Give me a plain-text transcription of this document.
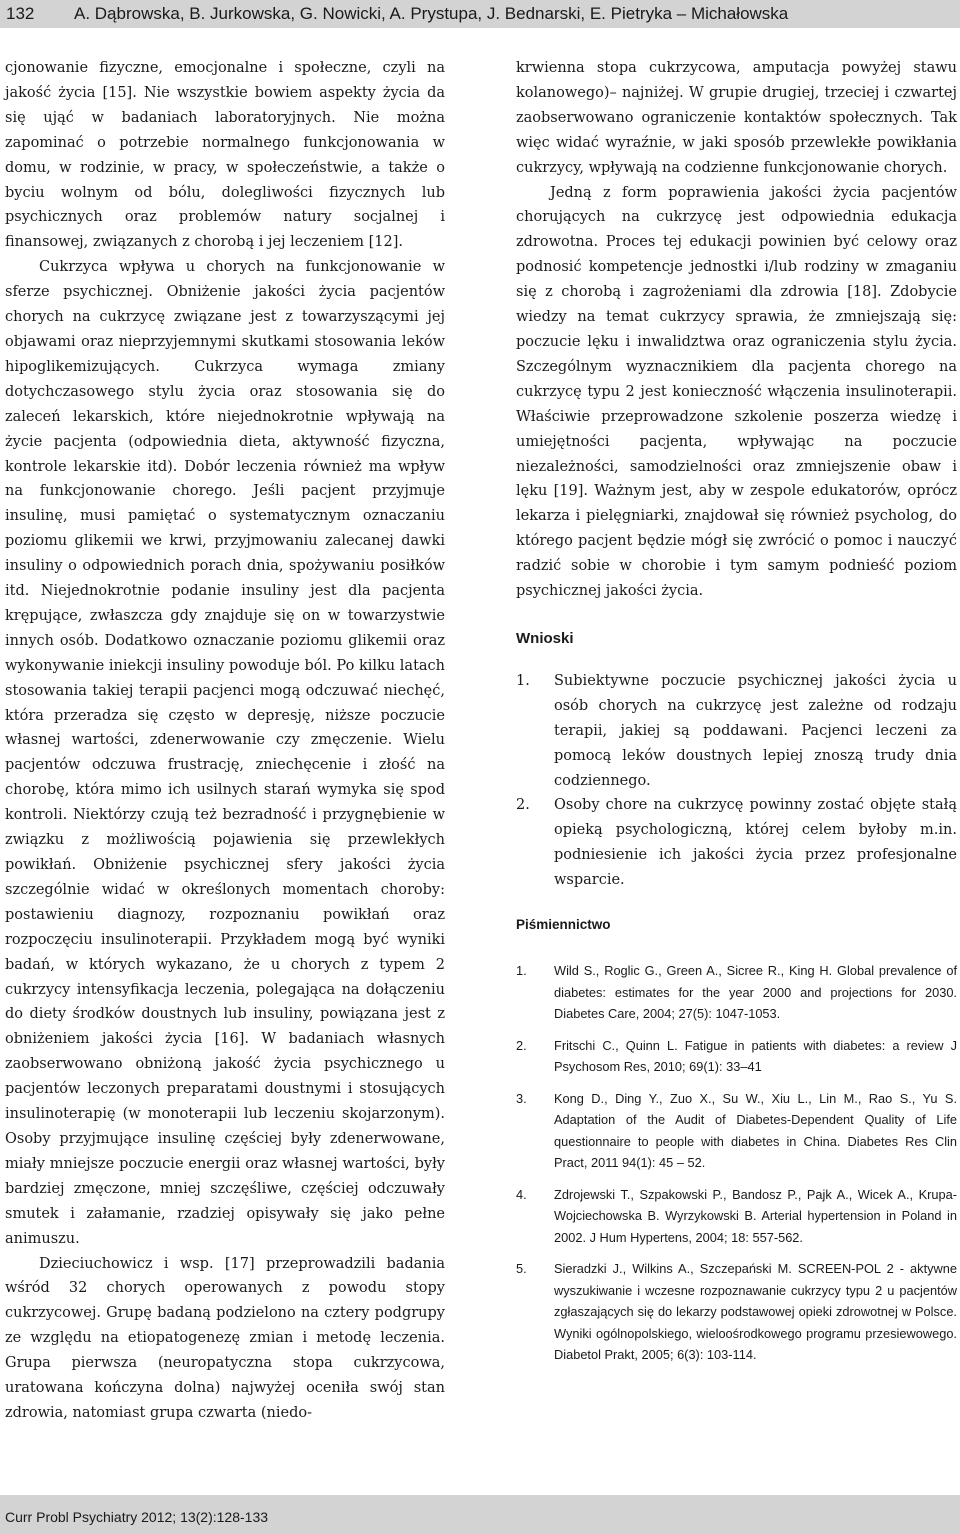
132 A. Dąbrowska, B. Jurkowska, G. Nowicki, A. Prystupa, J. Bednarski, E. Pietryka – Michałowska

cjonowanie fizyczne, emocjonalne i społeczne, czyli na jakość życia [15]. Nie wszystkie bowiem aspekty życia da się ująć w badaniach laboratoryjnych. Nie można zapominać o potrzebie normalnego funkcjonowania w domu, w rodzinie, w pracy, w społeczeństwie, a także o byciu wolnym od bólu, dolegliwości fizycznych lub psychicznych oraz problemów natury socjalnej i finansowej, związanych z chorobą i jej leczeniem [12].

Cukrzyca wpływa u chorych na funkcjonowanie w sferze psychicznej. Obniżenie jakości życia pacjentów chorych na cukrzycę związane jest z towarzyszącymi jej objawami oraz nieprzyjemnymi skutkami stosowania leków hipoglikemizujących. Cukrzyca wymaga zmiany dotychczasowego stylu życia oraz stosowania się do zaleceń lekarskich, które niejednokrotnie wpływają na życie pacjenta (odpowiednia dieta, aktywność fizyczna, kontrole lekarskie itd). Dobór leczenia również ma wpływ na funkcjonowanie chorego. Jeśli pacjent przyjmuje insulinę, musi pamiętać o systematycznym oznaczaniu poziomu glikemii we krwi, przyjmowaniu zalecanej dawki insuliny o odpowiednich porach dnia, spożywaniu posiłków itd. Niejednokrotnie podanie insuliny jest dla pacjenta krępujące, zwłaszcza gdy znajduje się on w towarzystwie innych osób. Dodatkowo oznaczanie poziomu glikemii oraz wykonywanie iniekcji insuliny powoduje ból. Po kilku latach stosowania takiej terapii pacjenci mogą odczuwać niechęć, która przeradza się często w depresję, niższe poczucie własnej wartości, zdenerwowanie czy zmęczenie. Wielu pacjentów odczuwa frustrację, zniechęcenie i złość na chorobę, która mimo ich usilnych starań wymyka się spod kontroli. Niektórzy czują też bezradność i przygnębienie w związku z możliwością pojawienia się przewlekłych powikłań. Obniżenie psychicznej sfery jakości życia szczególnie widać w określonych momentach choroby: postawieniu diagnozy, rozpoznaniu powikłań oraz rozpoczęciu insulinoterapii. Przykładem mogą być wyniki badań, w których wykazano, że u chorych z typem 2 cukrzycy intensyfikacja leczenia, polegająca na dołączeniu do diety środków doustnych lub insuliny, powiązana jest z obniżeniem jakości życia [16]. W badaniach własnych zaobserwowano obniżoną jakość życia psychicznego u pacjentów leczonych preparatami doustnymi i stosujących insulinoterapię (w monoterapii lub leczeniu skojarzonym). Osoby przyjmujące insulinę częściej były zdenerwowane, miały mniejsze poczucie energii oraz własnej wartości, były bardziej zmęczone, mniej szczęśliwe, częściej odczuwały smutek i załamanie, rzadziej opisywały się jako pełne animuszu.

Dzieciuchowicz i wsp. [17] przeprowadzili badania wśród 32 chorych operowanych z powodu stopy cukrzycowej. Grupę badaną podzielono na cztery podgrupy ze względu na etiopatogenezę zmian i metodę leczenia. Grupa pierwsza (neuropatyczna stopa cukrzycowa, uratowana kończyna dolna) najwyżej oceniła swój stan zdrowia, natomiast grupa czwarta (niedo-

krwienna stopa cukrzycowa, amputacja powyżej stawu kolanowego)– najniżej. W grupie drugiej, trzeciej i czwartej zaobserwowano ograniczenie kontaktów społecznych. Tak więc widać wyraźnie, w jaki sposób przewlekłe powikłania cukrzycy, wpływają na codzienne funkcjonowanie chorych.

Jedną z form poprawienia jakości życia pacjentów chorujących na cukrzycę jest odpowiednia edukacja zdrowotna. Proces tej edukacji powinien być celowy oraz podnosić kompetencje jednostki i/lub rodziny w zmaganiu się z chorobą i zagrożeniami dla zdrowia [18]. Zdobycie wiedzy na temat cukrzycy sprawia, że zmniejszają się: poczucie lęku i inwalidztwa oraz ograniczenia stylu życia. Szczególnym wyznacznikiem dla pacjenta chorego na cukrzycę typu 2 jest konieczność włączenia insulinoterapii. Właściwie przeprowadzone szkolenie poszerza wiedzę i umiejętności pacjenta, wpływając na poczucie niezależności, samodzielności oraz zmniejszenie obaw i lęku [19]. Ważnym jest, aby w zespole edukatorów, oprócz lekarza i pielęgniarki, znajdował się również psycholog, do którego pacjent będzie mógł się zwrócić o pomoc i nauczyć radzić sobie w chorobie i tym samym podnieść poziom psychicznej jakości życia.

Wnioski
1. Subiektywne poczucie psychicznej jakości życia u osób chorych na cukrzycę jest zależne od rodzaju terapii, jakiej są poddawani. Pacjenci leczeni za pomocą leków doustnych lepiej znoszą trudy dnia codziennego.
2. Osoby chore na cukrzycę powinny zostać objęte stałą opieką psychologiczną, której celem byłoby m.in. podniesienie ich jakości życia przez profesjonalne wsparcie.
Piśmiennictwo
1. Wild S., Roglic G., Green A., Sicree R., King H. Global prevalence of diabetes: estimates for the year 2000 and projections for 2030. Diabetes Care, 2004; 27(5): 1047-1053.
2. Fritschi C., Quinn L. Fatigue in patients with diabetes: a review J Psychosom Res, 2010; 69(1): 33–41
3. Kong D., Ding Y., Zuo X., Su W., Xiu L., Lin M., Rao S., Yu S. Adaptation of the Audit of Diabetes-Dependent Quality of Life questionnaire to people with diabetes in China. Diabetes Res Clin Pract, 2011 94(1): 45 – 52.
4. Zdrojewski T., Szpakowski P., Bandosz P., Pajk A., Wicek A., Krupa-Wojciechowska B. Wyrzykowski B. Arterial hypertension in Poland in 2002. J Hum Hypertens, 2004; 18: 557-562.
5. Sieradzki J., Wilkins A., Szczepański M. SCREEN-POL 2 - aktywne wyszukiwanie i wczesne rozpoznawanie cukrzycy typu 2 u pacjentów zgłaszających się do lekarzy podstawowej opieki zdrowotnej w Polsce. Wyniki ogólnopolskiego, wieloośrodkowego programu przesiewowego. Diabetol Prakt, 2005; 6(3): 103-114.
Curr Probl Psychiatry 2012; 13(2):128-133
